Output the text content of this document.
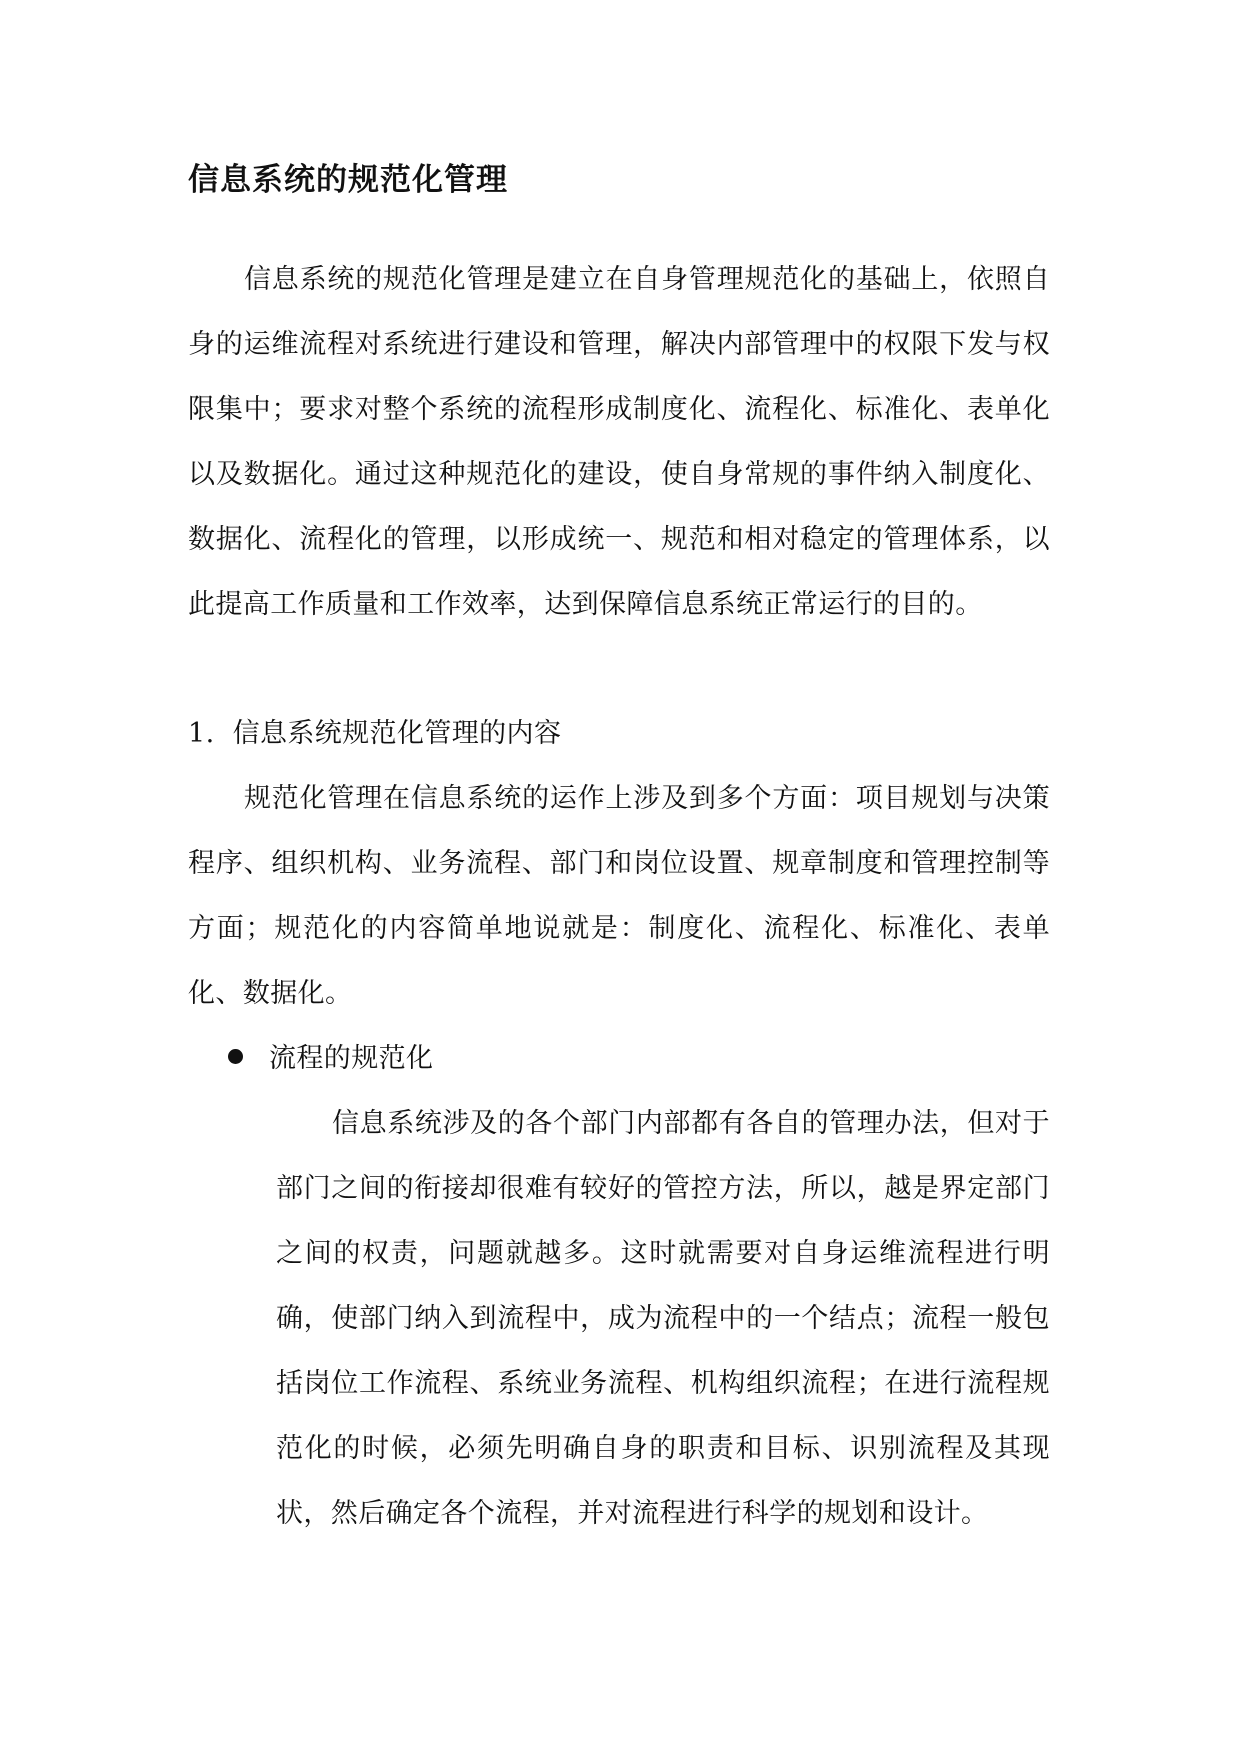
信息系统的规范化管理

信息系统的规范化管理是建立在自身管理规范化的基础上，依照自身的运维流程对系统进行建设和管理，解决内部管理中的权限下发与权限集中；要求对整个系统的流程形成制度化、流程化、标准化、表单化以及数据化。通过这种规范化的建设，使自身常规的事件纳入制度化、数据化、流程化的管理，以形成统一、规范和相对稳定的管理体系，以此提高工作质量和工作效率，达到保障信息系统正常运行的目的。

1. 信息系统规范化管理的内容

规范化管理在信息系统的运作上涉及到多个方面：项目规划与决策程序、组织机构、业务流程、部门和岗位设置、规章制度和管理控制等方面；规范化的内容简单地说就是：制度化、流程化、标准化、表单化、数据化。

流程的规范化

信息系统涉及的各个部门内部都有各自的管理办法，但对于部门之间的衔接却很难有较好的管控方法，所以，越是界定部门之间的权责，问题就越多。这时就需要对自身运维流程进行明确，使部门纳入到流程中，成为流程中的一个结点；流程一般包括岗位工作流程、系统业务流程、机构组织流程；在进行流程规范化的时候，必须先明确自身的职责和目标、识别流程及其现状，然后确定各个流程，并对流程进行科学的规划和设计。
